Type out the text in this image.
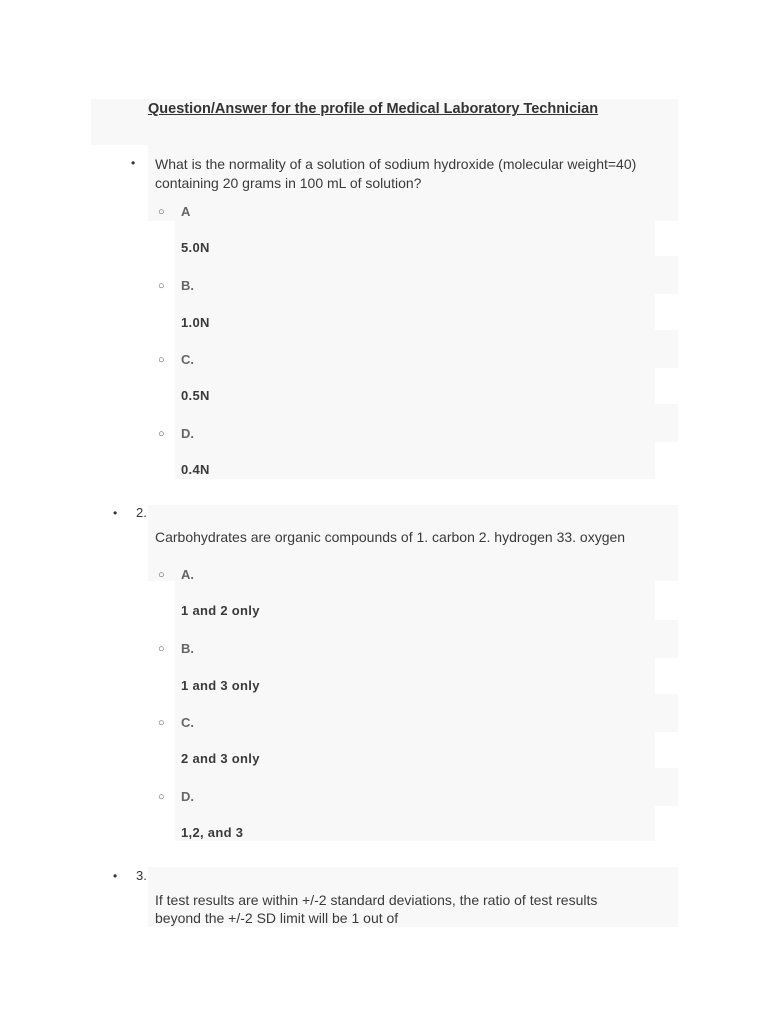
Question/Answer for the profile of Medical Laboratory Technician
• What is the normality of a solution of sodium hydroxide (molecular weight=40)
containing 20 grams in 100 mL of solution?
○ A
5.0N
○ B.
1.0N
○ C.
0.5N
○ D.
0.4N
• 2.
Carbohydrates are organic compounds of 1. carbon 2. hydrogen 33. oxygen
○ A.
1 and 2 only
○ B.
1 and 3 only
○ C.
2 and 3 only
○ D.
1,2, and 3
• 3.
If test results are within +/-2 standard deviations, the ratio of test results
beyond the +/-2 SD limit will be 1 out of
